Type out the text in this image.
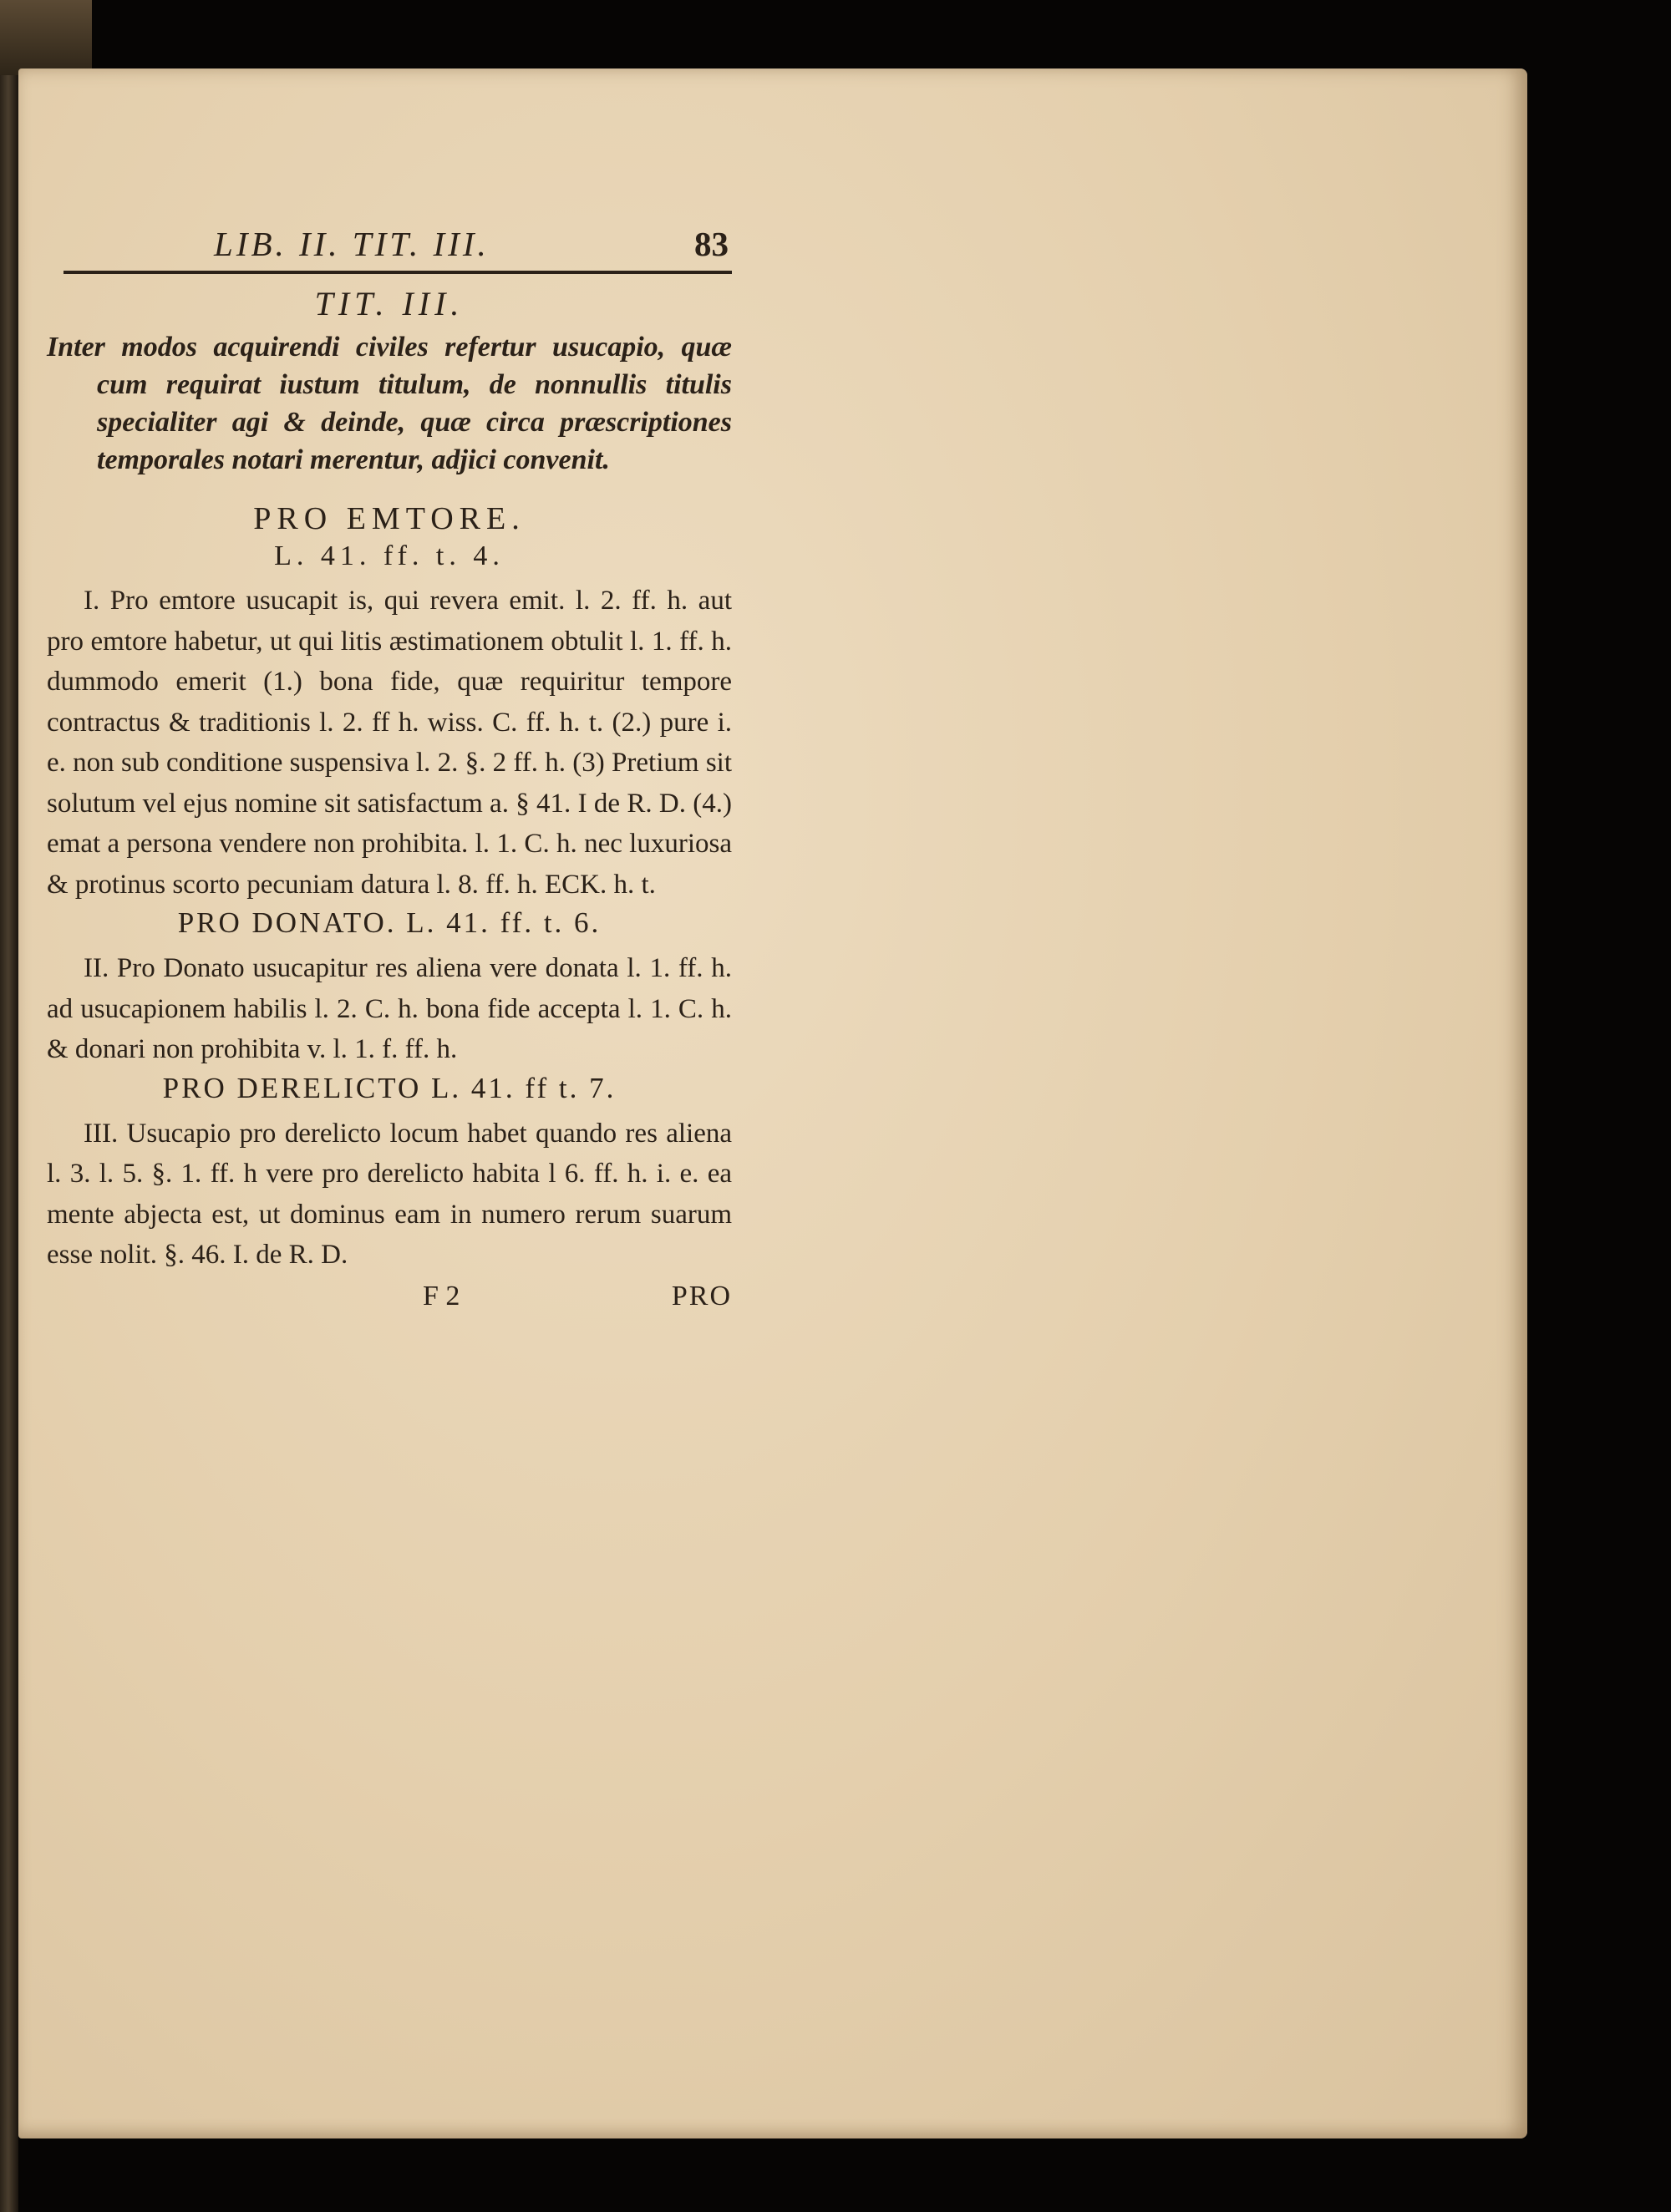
LIB. II. TIT. III.	83
TIT. III.
Inter modos acquirendi civiles refertur usucapio, quæ cum requirat iustum titulum, de nonnullis titulis specialiter agi & deinde, quæ circa præscriptiones temporales notari merentur, adjici convenit.
PRO EMTORE.
L. 41. ff. t. 4.
I. Pro emtore usucapit is, qui revera emit. l. 2. ff. h. aut pro emtore habetur, ut qui litis æstimationem obtulit l. 1. ff. h. dummodo emerit (1.) bona fide, quæ requiritur tempore contractus & traditionis l. 2. ff h. wiss. C. ff. h. t. (2.) pure i. e. non sub conditione suspensiva l. 2. §. 2 ff. h. (3) Pretium sit solutum vel ejus nomine sit satisfactum a. § 41. I de R. D. (4.) emat a persona vendere non prohibita. l. 1. C. h. nec luxuriosa & protinus scorto pecuniam datura l. 8. ff. h. ECK. h. t.
PRO DONATO. L. 41. ff. t. 6.
II. Pro Donato usucapitur res aliena vere donata l. 1. ff. h. ad usucapionem habilis l. 2. C. h. bona fide accepta l. 1. C. h. & donari non prohibita v. l. 1. f. ff. h.
PRO DERELICTO L. 41. ff t. 7.
III. Usucapio pro derelicto locum habet quando res aliena l. 3. l. 5. §. 1. ff. h vere pro derelicto habita l 6. ff. h. i. e. ea mente abjecta est, ut dominus eam in numero rerum suarum esse nolit. §. 46. I. de R. D.
F 2	PRO
